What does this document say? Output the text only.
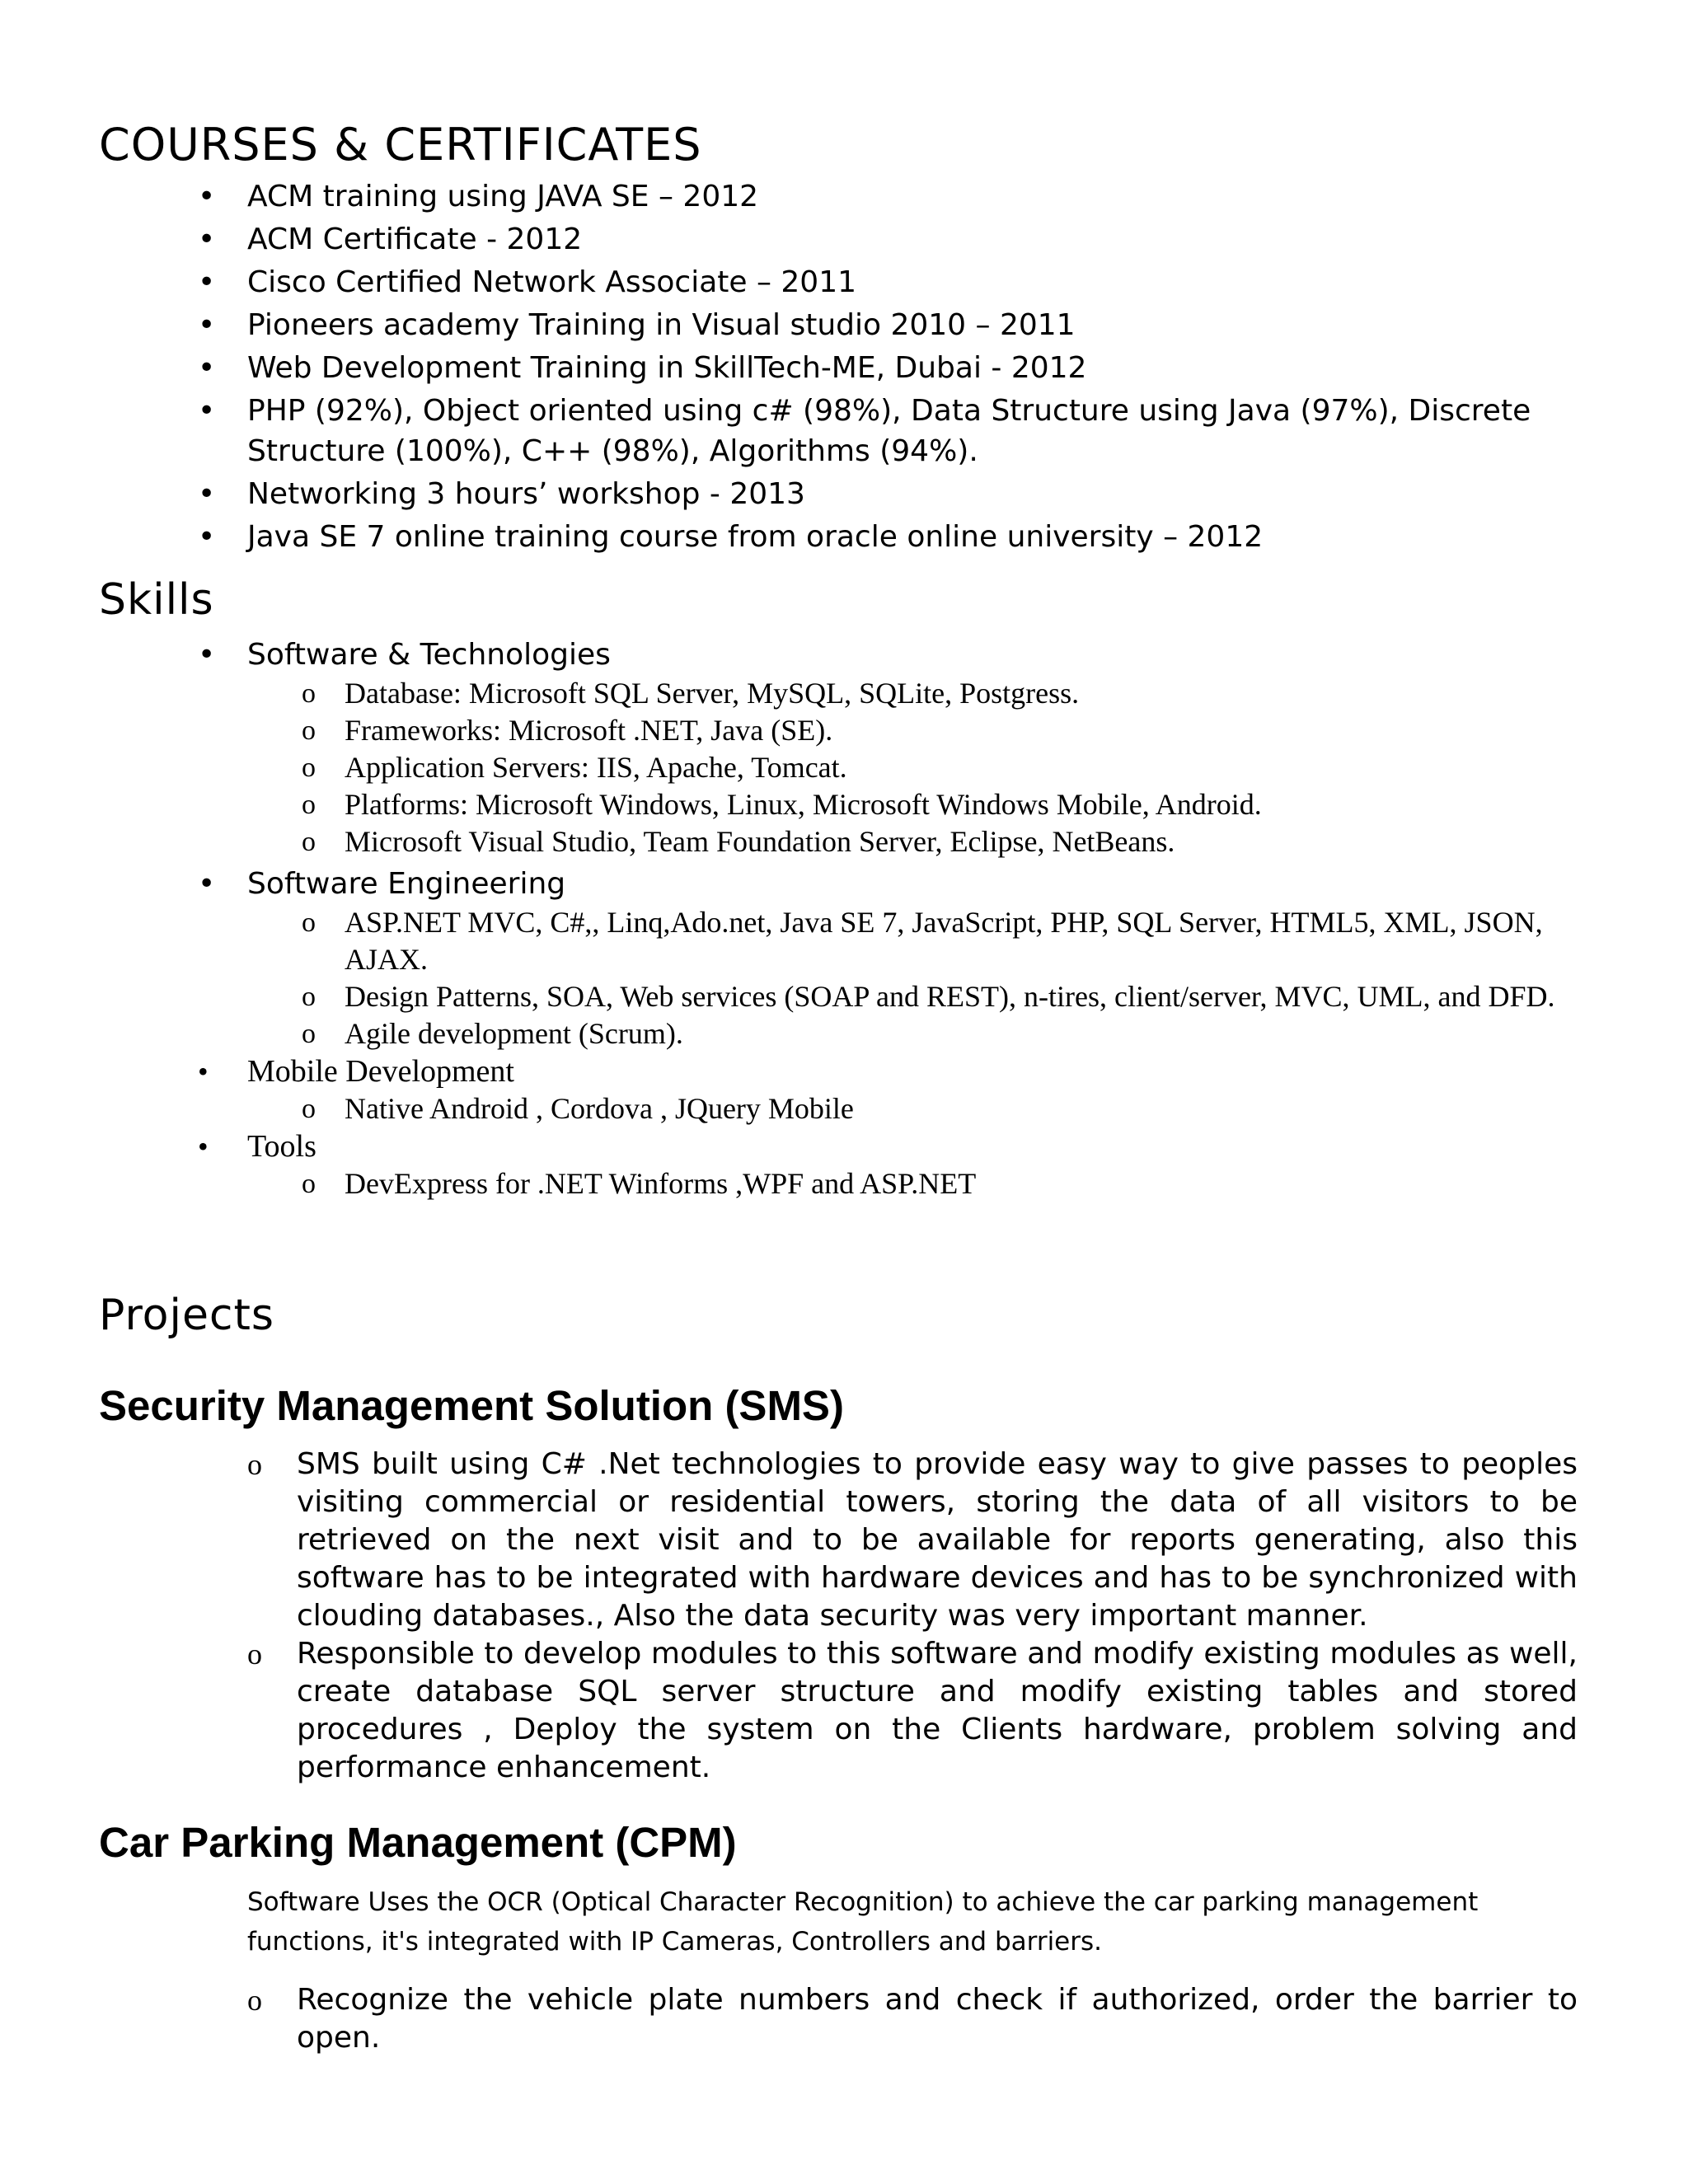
COURSES & CERTIFICATES
• ACM training using JAVA SE – 2012
• ACM Certificate - 2012
• Cisco Certified Network Associate – 2011
• Pioneers academy Training in Visual studio 2010 – 2011
• Web Development Training in SkillTech-ME, Dubai - 2012
• PHP (92%), Object oriented using c# (98%), Data Structure using Java (97%), Discrete Structure (100%), C++ (98%), Algorithms (94%).
• Networking 3 hours’ workshop - 2013
• Java SE 7 online training course from oracle online university – 2012
Skills
• Software & Technologies
o Database: Microsoft SQL Server, MySQL, SQLite, Postgress.
o Frameworks: Microsoft .NET, Java (SE).
o Application Servers: IIS, Apache, Tomcat.
o Platforms: Microsoft Windows, Linux, Microsoft Windows Mobile, Android.
o Microsoft Visual Studio, Team Foundation Server, Eclipse, NetBeans.
• Software Engineering
o ASP.NET MVC, C#,, Linq,Ado.net, Java SE 7, JavaScript, PHP, SQL Server, HTML5, XML, JSON, AJAX.
o Design Patterns, SOA, Web services (SOAP and REST), n-tires, client/server, MVC, UML, and DFD.
o Agile development (Scrum).
• Mobile Development
o Native Android , Cordova , JQuery Mobile
• Tools
o DevExpress for .NET Winforms ,WPF and ASP.NET
Projects
Security Management Solution (SMS)
o SMS built using C# .Net technologies to provide easy way to give passes to peoples visiting commercial or residential towers, storing the data of all visitors to be retrieved on the next visit and to be available for reports generating, also this software has to be integrated with hardware devices and has to be synchronized with clouding databases., Also the data security was very important manner.
o Responsible to develop modules to this software and modify existing modules as well, create database SQL server structure and modify existing tables and stored procedures , Deploy the system on the Clients hardware, problem solving and performance enhancement.
Car Parking Management (CPM)

Software Uses the OCR (Optical Character Recognition) to achieve the car parking management functions, it's integrated with IP Cameras, Controllers and barriers.

o Recognize the vehicle plate numbers and check if authorized, order the barrier to open.
